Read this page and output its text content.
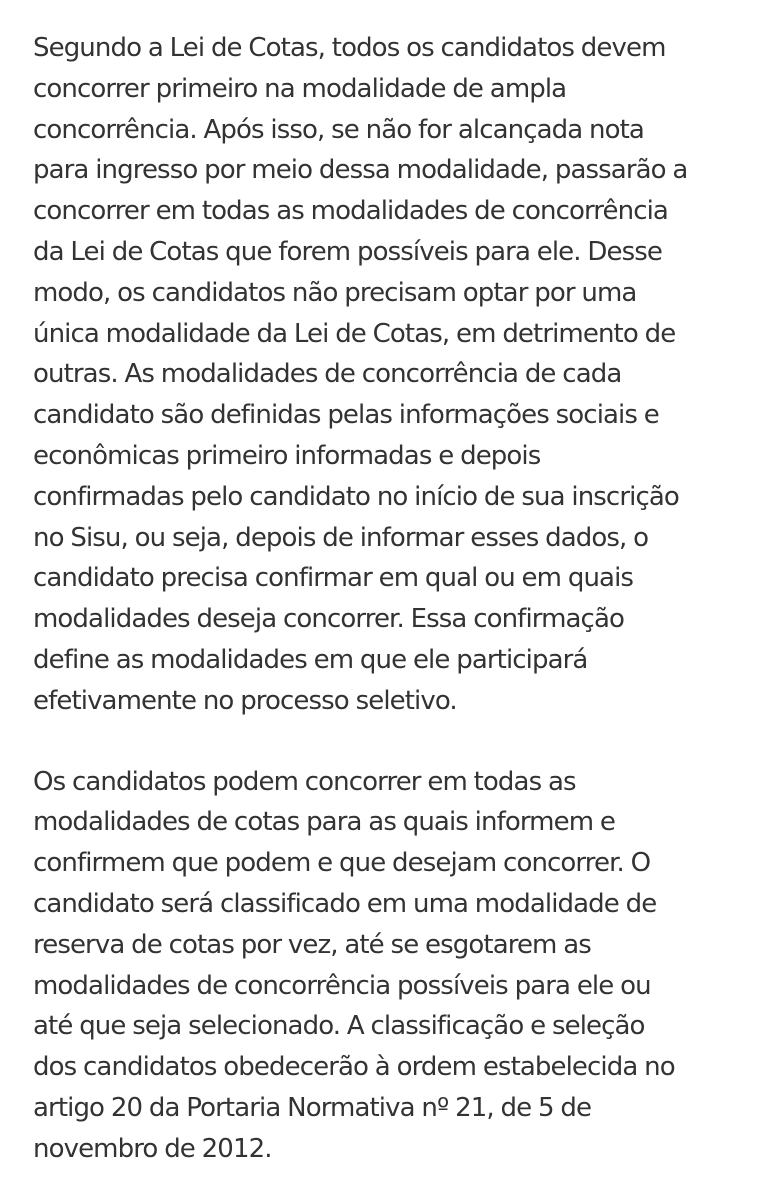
Segundo a Lei de Cotas, todos os candidatos devem
concorrer primeiro na modalidade de ampla
concorrência. Após isso, se não for alcançada nota
para ingresso por meio dessa modalidade, passarão a
concorrer em todas as modalidades de concorrência
da Lei de Cotas que forem possíveis para ele. Desse
modo, os candidatos não precisam optar por uma
única modalidade da Lei de Cotas, em detrimento de
outras. As modalidades de concorrência de cada
candidato são definidas pelas informações sociais e
econômicas primeiro informadas e depois
confirmadas pelo candidato no início de sua inscrição
no Sisu, ou seja, depois de informar esses dados, o
candidato precisa confirmar em qual ou em quais
modalidades deseja concorrer. Essa confirmação
define as modalidades em que ele participará
efetivamente no processo seletivo.

Os candidatos podem concorrer em todas as
modalidades de cotas para as quais informem e
confirmem que podem e que desejam concorrer. O
candidato será classificado em uma modalidade de
reserva de cotas por vez, até se esgotarem as
modalidades de concorrência possíveis para ele ou
até que seja selecionado. A classificação e seleção
dos candidatos obedecerão à ordem estabelecida no
artigo 20 da Portaria Normativa nº 21, de 5 de
novembro de 2012.
